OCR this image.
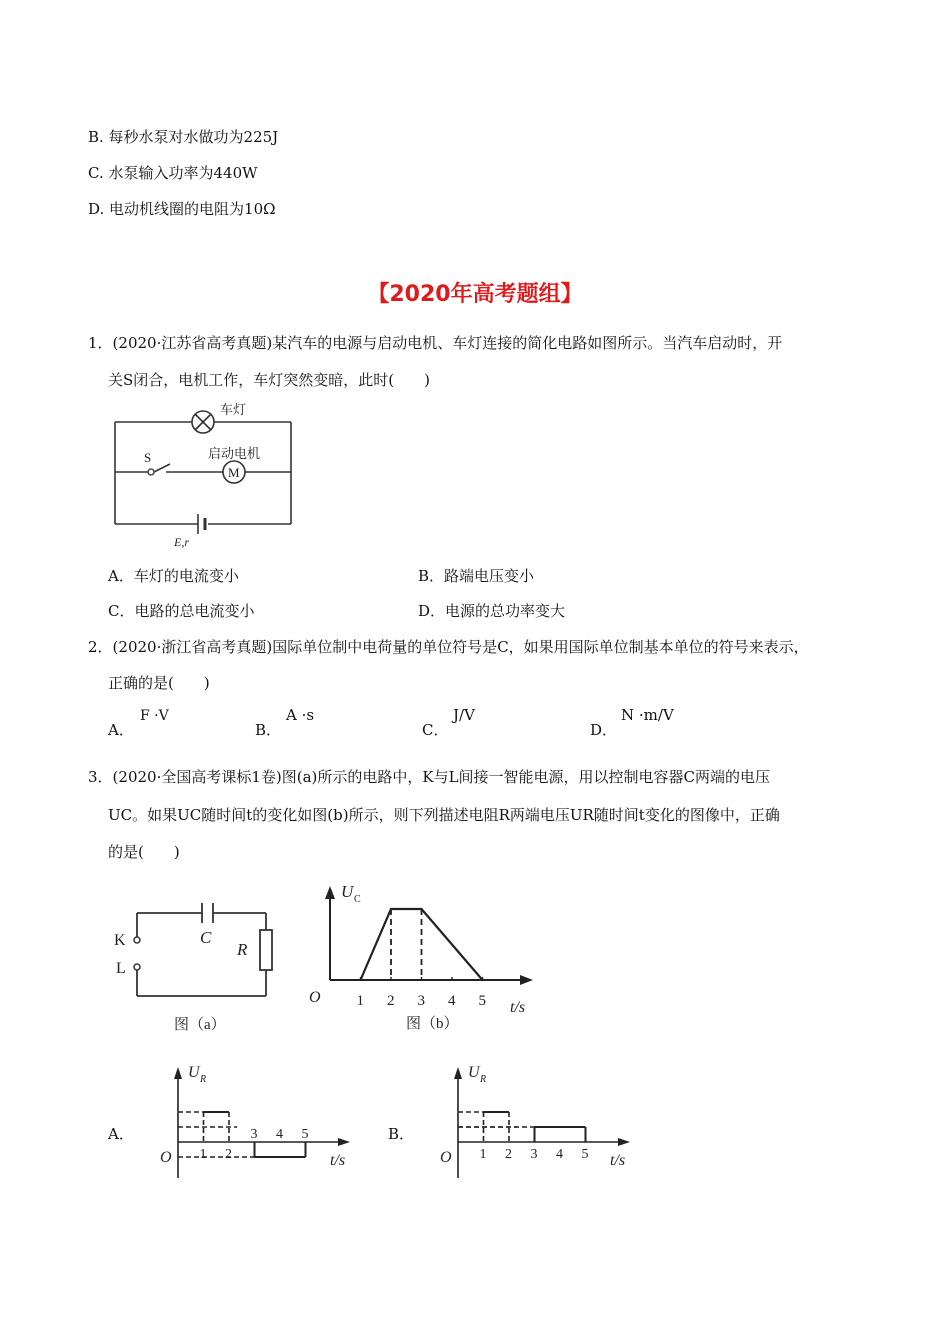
B. 每秒水泵对水做功为225J
C. 水泵输入功率为440W
D. 电动机线圈的电阻为10Ω
【2020年高考题组】
1．(2020·江苏省高考真题)某汽车的电源与启动电机、车灯连接的简化电路如图所示。当汽车启动时，开
关S闭合，电机工作，车灯突然变暗，此时(　　)
车灯
S	启动电机
M
E,r
A．车灯的电流变小	B．路端电压变小
C．电路的总电流变小	D．电源的总功率变大
2．(2020·浙江省高考真题)国际单位制中电荷量的单位符号是C，如果用国际单位制基本单位的符号来表示，
正确的是(　　)
A．
F ·V
B．
A ·s
C．
J/V
D．
N ·m/V
3．(2020·全国高考课标1卷)图(a)所示的电路中，K与L间接一智能电源，用以控制电容器C两端的电压
UC。如果UC随时间t的变化如图(b)所示，则下列描述电阻R两端电压UR随时间t变化的图像中，正确
的是(　　)
K
L
C
R
图（a）
1 2 3 4 5
U C
O
t/s
图（b）
A．
1 2
3 4 5
U R
O	t/s
B．
1 2 3 4 5
U R
O	t/s
